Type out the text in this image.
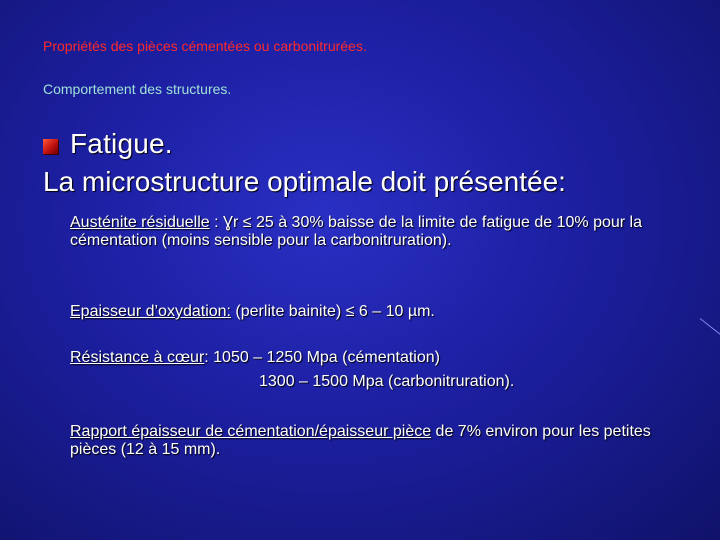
Propriétés des pièces cémentées ou carbonitrurées.
Comportement des structures.
Fatigue.
La microstructure optimale doit présentée:
Austénite résiduelle : Ɣr ≤ 25 à 30% baisse de la limite de fatigue de 10% pour la cémentation (moins sensible pour la carbonitruration).
Epaisseur d’oxydation: (perlite bainite) ≤ 6 – 10 µm.
Résistance à cœur: 1050 – 1250 Mpa (cémentation)
1300 – 1500 Mpa (carbonitruration).
Rapport épaisseur de cémentation/épaisseur pièce de 7% environ pour les petites pièces (12 à 15 mm).
